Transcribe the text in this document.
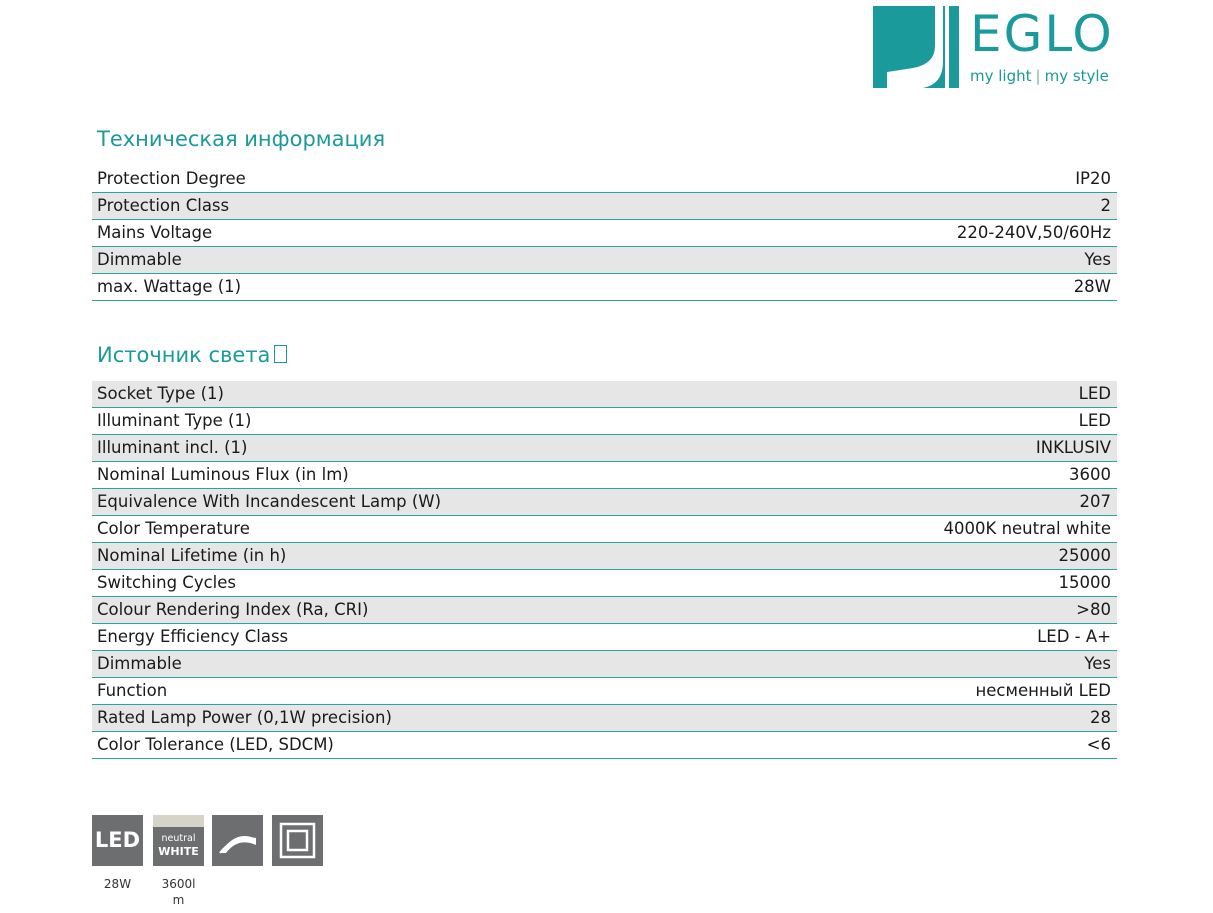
EGLO
my light | my style
Техническая информация
Protection Degree	IP20
Protection Class	2
Mains Voltage	220-240V,50/60Hz
Dimmable	Yes
max. Wattage (1)	28W
Источник света
Socket Type (1)	LED
Illuminant Type (1)	LED
Illuminant incl. (1)	INKLUSIV
Nominal Luminous Flux (in lm)	3600
Equivalence With Incandescent Lamp (W)	207
Color Temperature	4000K neutral white
Nominal Lifetime (in h)	25000
Switching Cycles	15000
Colour Rendering Index (Ra, CRI)	>80
Energy Efficiency Class	LED - A+
Dimmable	Yes
Function	несменный LED
Rated Lamp Power (0,1W precision)	28
Color Tolerance (LED, SDCM)	<6
LED	neutral
WHITE
28W	3600l
m
